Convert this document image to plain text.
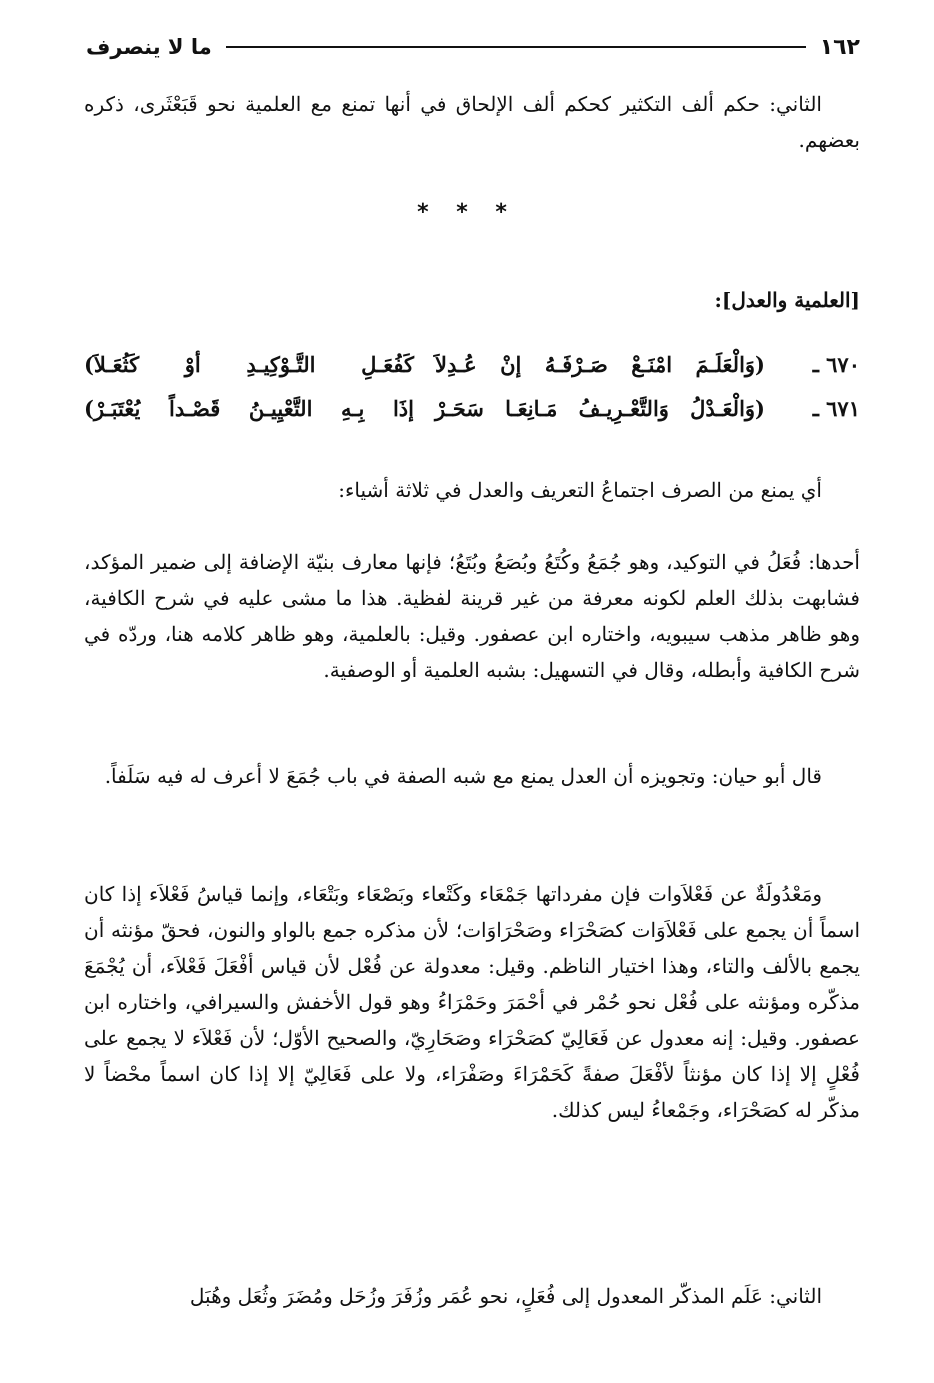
١٦٢
ما لا ينصرف

الثاني: حكم ألف التكثير كحكم ألف الإلحاق في أنها تمنع مع العلمية نحو قَبَعْثَرى، ذكره بعضهم.

* * *

[العلمية والعدل]:

٦٧٠ ـ
(وَالْعَلَـمَ امْنَـعْ صَـرْفَـهُ إنْ عُـدِلاَ
كَفُعَـلِ التَّـوْكِيـدِ أوْ كَثُعَـلاَ)
٦٧١ ـ
(وَالْعَـدْلُ وَالتَّعْـرِيـفُ مَـانِعَـا سَحَـرْ
إذَا بِـهِ التَّعْيِيـنُ قَصْـداً يُعْتَبَـرْ)

أي يمنع من الصرف اجتماعُ التعريف والعدل في ثلاثة أشياء:

أحدها: فُعَلُ في التوكيد، وهو جُمَعُ وكُتَعُ وبُصَعُ وبُتَعُ؛ فإنها معارف بنيّة الإضافة إلى ضمير المؤكد، فشابهت بذلك العلم لكونه معرفة من غير قرينة لفظية. هذا ما مشى عليه في شرح الكافية، وهو ظاهر مذهب سيبويه، واختاره ابن عصفور. وقيل: بالعلمية، وهو ظاهر كلامه هنا، وردّه في شرح الكافية وأبطله، وقال في التسهيل: بشبه العلمية أو الوصفية.

قال أبو حيان: وتجويزه أن العدل يمنع مع شبه الصفة في باب جُمَعَ لا أعرف له فيه سَلَفاً.

ومَعْدُولَةٌ عن فَعْلاَوات فإن مفرداتها جَمْعَاء وكَتْعاء وبَصْعَاء وبَتْعَاء، وإنما قياسُ فَعْلاَء إذا كان اسماً أن يجمع على فَعْلاَوَات كصَحْرَاء وصَحْرَاوَات؛ لأن مذكره جمع بالواو والنون، فحقّ مؤنثه أن يجمع بالألف والتاء، وهذا اختيار الناظم. وقيل: معدولة عن فُعْل لأن قياس أفْعَلَ فَعْلاَء، أن يُجْمَعَ مذكّره ومؤنثه على فُعْل نحو حُمْر في أحْمَرَ وحَمْرَاءُ وهو قول الأخفش والسيرافي، واختاره ابن عصفور. وقيل: إنه معدول عن فَعَالِيّ كصَحْرَاء وصَحَارِيّ، والصحيح الأوّل؛ لأن فَعْلاَء لا يجمع على فُعْلٍ إلا إذا كان مؤنثاً لأفْعَلَ صفةً كَحَمْرَاءَ وصَفْرَاء، ولا على فَعَالِيّ إلا إذا كان اسماً محْضاً لا مذكّر له كصَحْرَاء، وجَمْعاءُ ليس كذلك.

الثاني: عَلَم المذكّر المعدول إلى فُعَلٍ، نحو عُمَر وزُفَرَ وزُحَل ومُضَرَ وثُعَل وهُبَل
